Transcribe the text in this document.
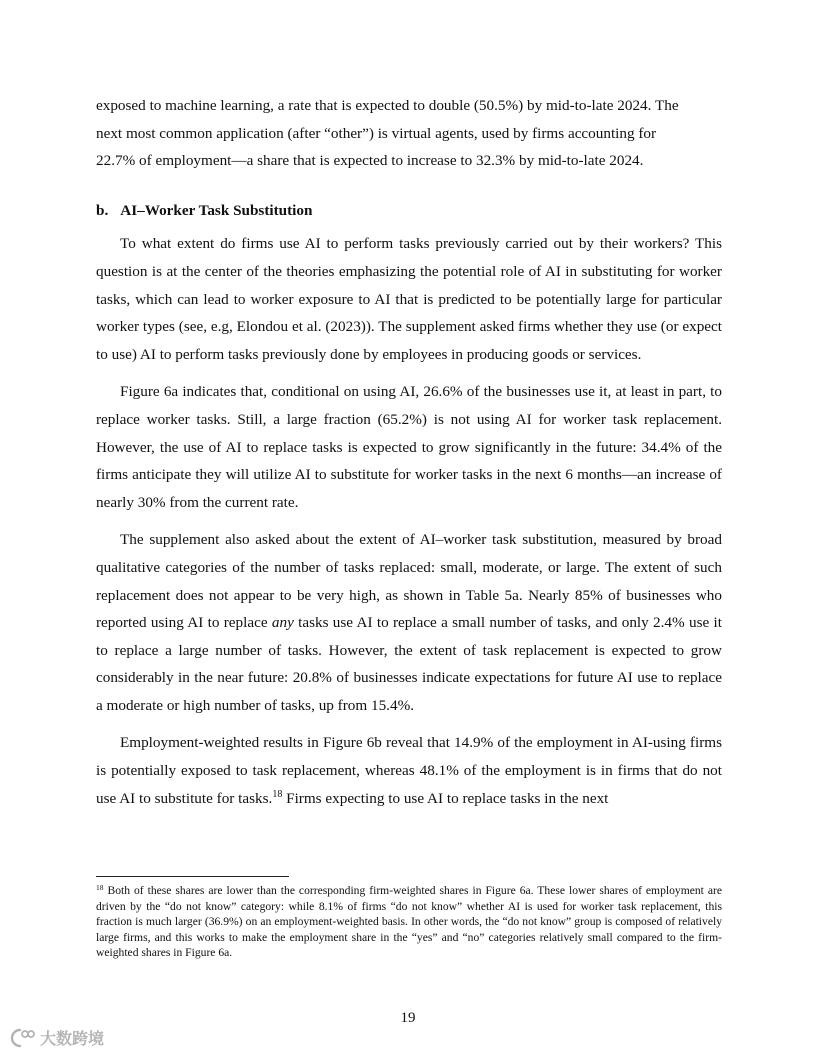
exposed to machine learning, a rate that is expected to double (50.5%) by mid-to-late 2024. The
next most common application (after “other”) is virtual agents, used by firms accounting for
22.7% of employment—a share that is expected to increase to 32.3% by mid-to-late 2024.

b. AI–Worker Task Substitution

To what extent do firms use AI to perform tasks previously carried out by their workers? This question is at the center of the theories emphasizing the potential role of AI in substituting for worker tasks, which can lead to worker exposure to AI that is predicted to be potentially large for particular worker types (see, e.g, Elondou et al. (2023)). The supplement asked firms whether they use (or expect to use) AI to perform tasks previously done by employees in producing goods or services.

Figure 6a indicates that, conditional on using AI, 26.6% of the businesses use it, at least in part, to replace worker tasks. Still, a large fraction (65.2%) is not using AI for worker task replacement. However, the use of AI to replace tasks is expected to grow significantly in the future: 34.4% of the firms anticipate they will utilize AI to substitute for worker tasks in the next 6 months—an increase of nearly 30% from the current rate.

The supplement also asked about the extent of AI–worker task substitution, measured by broad qualitative categories of the number of tasks replaced: small, moderate, or large. The extent of such replacement does not appear to be very high, as shown in Table 5a. Nearly 85% of businesses who reported using AI to replace any tasks use AI to replace a small number of tasks, and only 2.4% use it to replace a large number of tasks. However, the extent of task replacement is expected to grow considerably in the near future: 20.8% of businesses indicate expectations for future AI use to replace a moderate or high number of tasks, up from 15.4%.

Employment-weighted results in Figure 6b reveal that 14.9% of the employment in AI-using firms is potentially exposed to task replacement, whereas 48.1% of the employment is in firms that do not use AI to substitute for tasks.$^{18}$ Firms expecting to use AI to replace tasks in the next

$^{18}$ Both of these shares are lower than the corresponding firm-weighted shares in Figure 6a. These lower shares of employment are driven by the “do not know” category: while 8.1% of firms “do not know” whether AI is used for worker task replacement, this fraction is much larger (36.9%) on an employment-weighted basis. In other words, the “do not know” group is composed of relatively large firms, and this works to make the employment share in the “yes” and “no” categories relatively small compared to the firm-weighted shares in Figure 6a.
19
大数跨境
